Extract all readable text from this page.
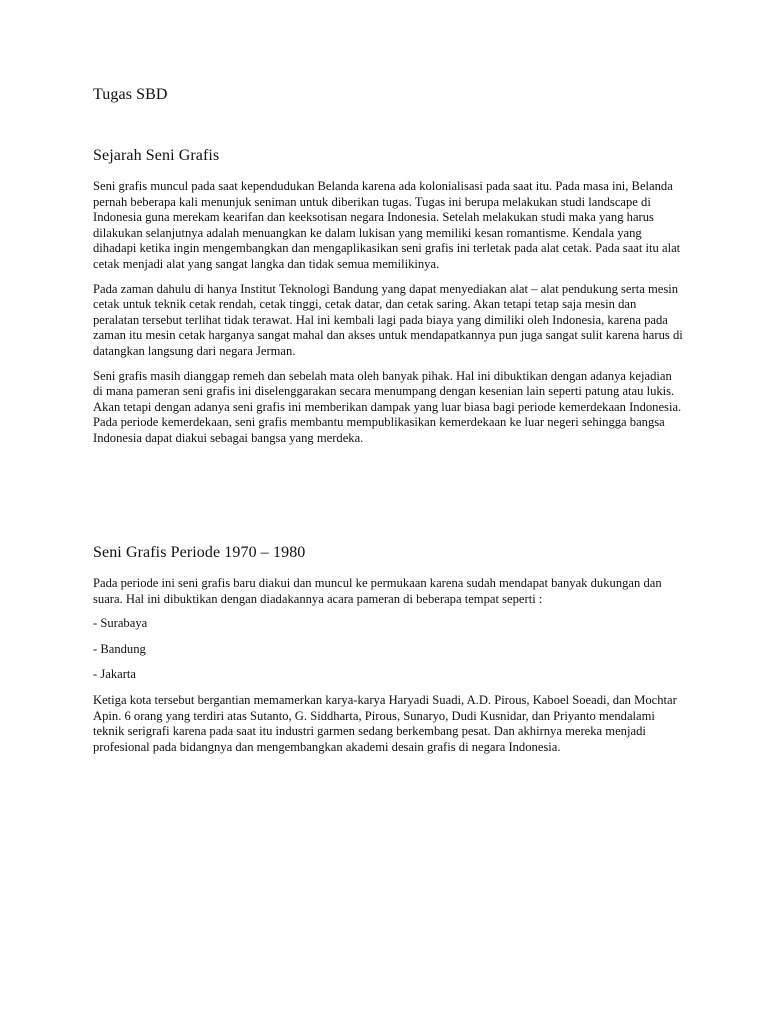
Tugas SBD
Sejarah Seni Grafis

Seni grafis muncul pada saat kependudukan Belanda karena ada kolonialisasi pada saat itu. Pada masa ini, Belanda pernah beberapa kali menunjuk seniman untuk diberikan tugas. Tugas ini berupa melakukan studi landscape di Indonesia guna merekam kearifan dan keeksotisan negara Indonesia. Setelah melakukan studi maka yang harus dilakukan selanjutnya adalah menuangkan ke dalam lukisan yang memiliki kesan romantisme. Kendala yang dihadapi ketika ingin mengembangkan dan mengaplikasikan seni grafis ini terletak pada alat cetak. Pada saat itu alat cetak menjadi alat yang sangat langka dan tidak semua memilikinya.

Pada zaman dahulu di hanya Institut Teknologi Bandung yang dapat menyediakan alat – alat pendukung serta mesin cetak untuk teknik cetak rendah, cetak tinggi, cetak datar, dan cetak saring. Akan tetapi tetap saja mesin dan peralatan tersebut terlihat tidak terawat. Hal ini kembali lagi pada biaya yang dimiliki oleh Indonesia, karena pada zaman itu mesin cetak harganya sangat mahal dan akses untuk mendapatkannya pun juga sangat sulit karena harus di datangkan langsung dari negara Jerman.

Seni grafis masih dianggap remeh dan sebelah mata oleh banyak pihak. Hal ini dibuktikan dengan adanya kejadian di mana pameran seni grafis ini diselenggarakan secara menumpang dengan kesenian lain seperti patung atau lukis. Akan tetapi dengan adanya seni grafis ini memberikan dampak yang luar biasa bagi periode kemerdekaan Indonesia. Pada periode kemerdekaan, seni grafis membantu mempublikasikan kemerdekaan ke luar negeri sehingga bangsa Indonesia dapat diakui sebagai bangsa yang merdeka.

Seni Grafis Periode 1970 – 1980

Pada periode ini seni grafis baru diakui dan muncul ke permukaan karena sudah mendapat banyak dukungan dan suara. Hal ini dibuktikan dengan diadakannya acara pameran di beberapa tempat seperti :

- Surabaya

- Bandung

- Jakarta

Ketiga kota tersebut bergantian memamerkan karya-karya Haryadi Suadi, A.D. Pirous, Kaboel Soeadi, dan Mochtar Apin. 6 orang yang terdiri atas Sutanto, G. Siddharta, Pirous, Sunaryo, Dudi Kusnidar, dan Priyanto mendalami teknik serigrafi karena pada saat itu industri garmen sedang berkembang pesat. Dan akhirnya mereka menjadi profesional pada bidangnya dan mengembangkan akademi desain grafis di negara Indonesia.
